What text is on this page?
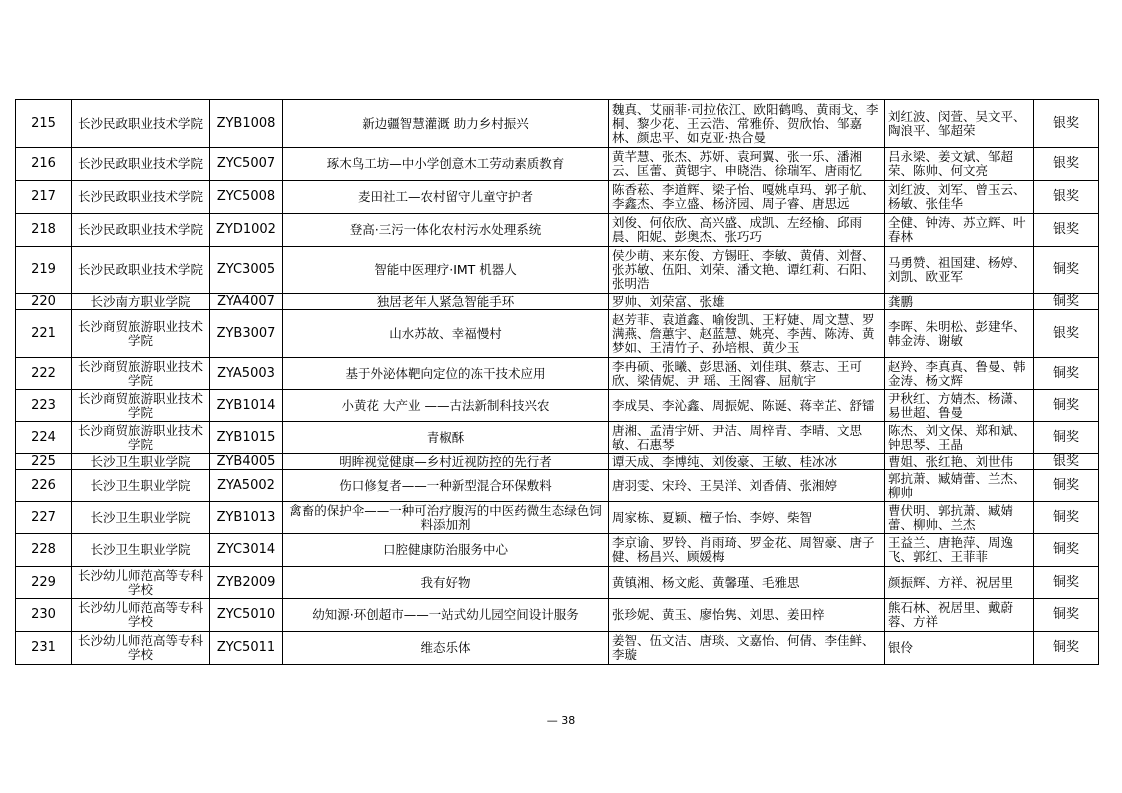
215	长沙民政职业技术学院	ZYB1008	新边疆智慧灌溉 助力乡村振兴	魏真、艾丽菲·司拉依江、欧阳鹤鸣、黄雨戈、李桐、黎少花、王云浩、常雅侨、贺欣怡、邹嘉林、颜忠平、如克亚·热合曼	刘红波、闵萱、吴文平、陶浪平、邹超荣	银奖
216	长沙民政职业技术学院	ZYC5007	琢木鸟工坊—中小学创意木工劳动素质教育	黄芊慧、张杰、苏妍、袁珂翼、张一乐、潘湘云、匡蕾、黄锶宇、申晓浩、徐瑞军、唐雨忆	吕永梁、姜文斌、邹超荣、陈帅、何文亮	银奖
217	长沙民政职业技术学院	ZYC5008	麦田社工—农村留守儿童守护者	陈香菘、李道辉、梁子怡、嘎姚卓玛、郭子航、李鑫杰、李立盛、杨济园、周子睿、唐思远	刘红波、刘军、曾玉云、杨敏、张佳华	银奖
218	长沙民政职业技术学院	ZYD1002	登高·三污一体化农村污水处理系统	刘俊、何依欣、高兴盛、成凯、左经榆、邱雨晨、阳妮、彭奥杰、张巧巧	全健、钟涛、苏立辉、叶春林	银奖
219	长沙民政职业技术学院	ZYC3005	智能中医理疗·IMT 机器人	侯少萌、来东俊、方锡旺、李敏、黄倩、刘督、张苏敏、伍阳、刘荣、潘文艳、谭红莉、石阳、张明浩	马勇赞、祖国建、杨婷、刘凯、欧亚军	铜奖
220	长沙南方职业学院	ZYA4007	独居老年人紧急智能手环	罗帅、刘荣富、张雄	龚鹏	铜奖
221	长沙商贸旅游职业技术学院	ZYB3007	山水苏故、幸福慢村	赵芳菲、袁道鑫、喻俊凯、王籽婕、周文慧、罗满燕、詹蕙宇、赵蓝慧、姚亮、李茜、陈涛、黄梦如、王清竹子、孙培根、黄少玉	李晖、朱明松、彭建华、韩金涛、谢敏	银奖
222	长沙商贸旅游职业技术学院	ZYA5003	基于外泌体靶向定位的冻干技术应用	李冉硕、张曦、彭思涵、刘佳琪、蔡志、王可欣、梁倩妮、尹 瑶、王阁睿、屈航宇	赵羚、李真真、鲁曼、韩金涛、杨文辉	铜奖
223	长沙商贸旅游职业技术学院	ZYB1014	小黄花 大产业 ——古法新制科技兴农	李成昊、李沁鑫、周振妮、陈诞、蒋幸芷、舒镭	尹秋红、方婧杰、杨潇、易世超、鲁曼	铜奖
224	长沙商贸旅游职业技术学院	ZYB1015	青椒酥	唐湘、孟清宇妍、尹洁、周梓青、李晴、文思敏、石惠琴	陈杰、刘文保、郑和斌、钟思琴、王晶	铜奖
225	长沙卫生职业学院	ZYB4005	明眸视觉健康—乡村近视防控的先行者	谭天成、李博纯、刘俊豪、王敏、桂冰冰	曹姐、张红艳、刘世伟	银奖
226	长沙卫生职业学院	ZYA5002	伤口修复者——一种新型混合环保敷料	唐羽雯、宋玲、王昊洋、刘香倩、张湘婷	郭抗萧、臧婧蕾、兰杰、柳帅	铜奖
227	长沙卫生职业学院	ZYB1013	禽畜的保护伞——一种可治疗腹泻的中医药微生态绿色饲料添加剂	周家栋、夏颖、檀子怡、李婷、柴智	曹伏明、郭抗萧、臧婧蕾、柳帅、兰杰	铜奖
228	长沙卫生职业学院	ZYC3014	口腔健康防治服务中心	李京谕、罗铃、肖雨琦、罗金花、周智豪、唐子健、杨昌兴、顾媛梅	王益兰、唐艳萍、周逸飞、郭红、王菲菲	铜奖
229	长沙幼儿师范高等专科学校	ZYB2009	我有好物	黄镇湘、杨文彪、黄馨瑾、毛雅思	颜振辉、方祥、祝居里	铜奖
230	长沙幼儿师范高等专科学校	ZYC5010	幼知源·环创超市——一站式幼儿园空间设计服务	张珍妮、黄玉、廖怡隽、刘思、姜田梓	熊石林、祝居里、戴蔚蓉、方祥	铜奖
231	长沙幼儿师范高等专科学校	ZYC5011	维态乐体	姜智、伍文洁、唐琰、文嘉怡、何倩、李佳鲜、李璇	银伶	铜奖
— 38
